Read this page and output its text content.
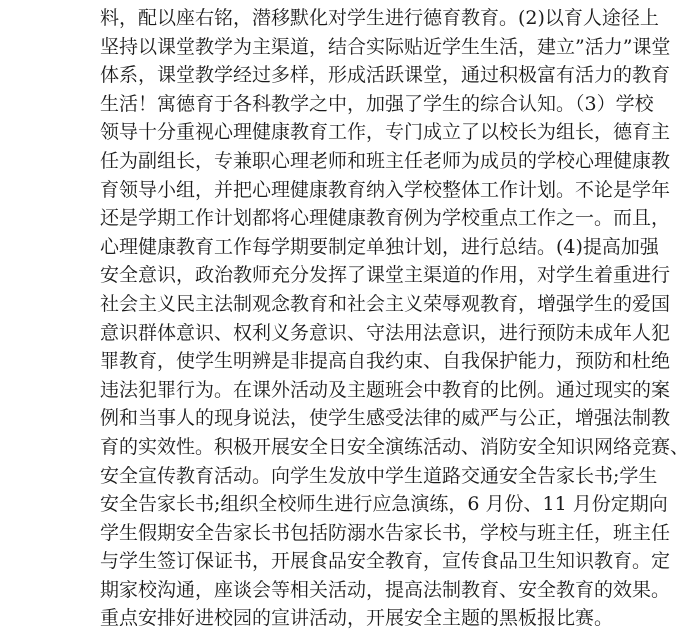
料，配以座右铭，潜移默化对学生进行德育教育。(2)以育人途径上
坚持以课堂教学为主渠道，结合实际贴近学生生活，建立”活力”课堂
体系，课堂教学经过多样，形成活跃课堂，通过积极富有活力的教育
生活！寓德育于各科教学之中，加强了学生的综合认知。（3）学校
领导十分重视心理健康教育工作，专门成立了以校长为组长，德育主
任为副组长，专兼职心理老师和班主任老师为成员的学校心理健康教
育领导小组，并把心理健康教育纳入学校整体工作计划。不论是学年
还是学期工作计划都将心理健康教育例为学校重点工作之一。而且，
心理健康教育工作每学期要制定单独计划，进行总结。(4)提高加强
安全意识，政治教师充分发挥了课堂主渠道的作用，对学生着重进行
社会主义民主法制观念教育和社会主义荣辱观教育，增强学生的爱国
意识群体意识、权利义务意识、守法用法意识，进行预防未成年人犯
罪教育，使学生明辨是非提高自我约束、自我保护能力，预防和杜绝
违法犯罪行为。在课外活动及主题班会中教育的比例。通过现实的案
例和当事人的现身说法，使学生感受法律的威严与公正，增强法制教
育的实效性。积极开展安全日安全演练活动、消防安全知识网络竞赛、
安全宣传教育活动。向学生发放中学生道路交通安全告家长书;学生
安全告家长书;组织全校师生进行应急演练，6 月份、11 月份定期向
学生假期安全告家长书包括防溺水告家长书，学校与班主任，班主任
与学生签订保证书，开展食品安全教育，宣传食品卫生知识教育。定
期家校沟通，座谈会等相关活动，提高法制教育、安全教育的效果。
重点安排好进校园的宣讲活动，开展安全主题的黑板报比赛。
